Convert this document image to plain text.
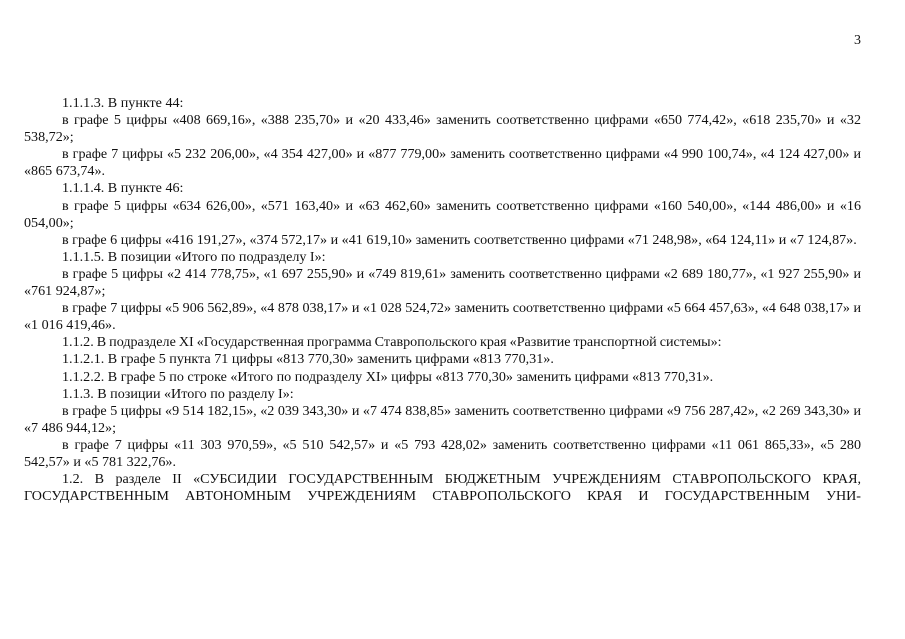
3

1.1.1.3. В пункте 44:

в графе 5 цифры «408 669,16», «388 235,70» и «20 433,46» заменить соответственно цифрами «650 774,42», «618 235,70» и «32 538,72»;

в графе 7 цифры «5 232 206,00», «4 354 427,00» и «877 779,00» заменить соответственно цифрами «4 990 100,74», «4 124 427,00» и «865 673,74».

1.1.1.4. В пункте 46:

в графе 5 цифры «634 626,00», «571 163,40» и «63 462,60» заменить соответственно цифрами «160 540,00», «144 486,00» и «16 054,00»;

в графе 6 цифры «416 191,27», «374 572,17» и «41 619,10» заменить соответственно цифрами «71 248,98», «64 124,11» и «7 124,87».

1.1.1.5. В позиции «Итого по подразделу I»:

в графе 5 цифры «2 414 778,75», «1 697 255,90» и «749 819,61» заменить соответственно цифрами «2 689 180,77», «1 927 255,90» и «761 924,87»;

в графе 7 цифры «5 906 562,89», «4 878 038,17» и «1 028 524,72» заменить соответственно цифрами «5 664 457,63», «4 648 038,17» и «1 016 419,46».

1.1.2. В подразделе XI «Государственная программа Ставропольского края «Развитие транспортной системы»:

1.1.2.1. В графе 5 пункта 71 цифры «813 770,30» заменить цифрами «813 770,31».

1.1.2.2. В графе 5 по строке «Итого по подразделу XI» цифры «813 770,30» заменить цифрами «813 770,31».

1.1.3. В позиции «Итого по разделу I»:

в графе 5 цифры «9 514 182,15», «2 039 343,30» и «7 474 838,85» заменить соответственно цифрами «9 756 287,42», «2 269 343,30» и «7 486 944,12»;

в графе 7 цифры «11 303 970,59», «5 510 542,57» и «5 793 428,02» заменить соответственно цифрами «11 061 865,33», «5 280 542,57» и «5 781 322,76».

1.2. В разделе II «СУБСИДИИ ГОСУДАРСТВЕННЫМ БЮДЖЕТНЫМ УЧРЕЖДЕНИЯМ СТАВРОПОЛЬСКОГО КРАЯ, ГОСУДАРСТВЕННЫМ АВТОНОМНЫМ УЧРЕЖДЕНИЯМ СТАВРОПОЛЬСКОГО КРАЯ И ГОСУДАРСТВЕННЫМ УНИ-
